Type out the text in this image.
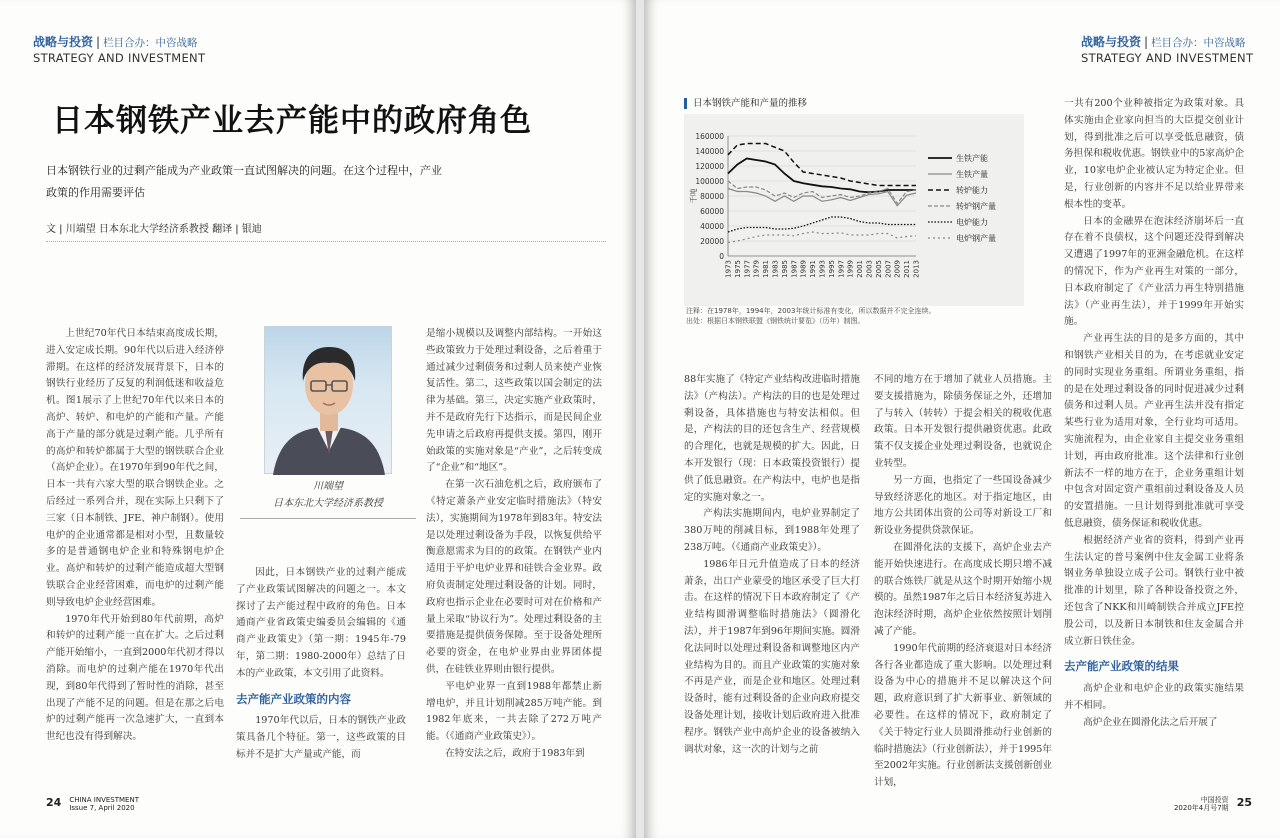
战略与投资 | 栏目合办：中咨战略
STRATEGY AND INVESTMENT
日本钢铁产业去产能中的政府角色
日本钢铁行业的过剩产能成为产业政策一直试图解决的问题。在这个过程中，产业政策的作用需要评估
文 | 川端望 日本东北大学经济系教授 翻译 | 银迪

上世纪70年代日本结束高度成长期，进入安定成长期。90年代以后进入经济停滞期。在这样的经济发展背景下，日本的钢铁行业经历了反复的利润低迷和收益危机。图1展示了上世纪70年代以来日本的高炉、转炉、和电炉的产能和产量。产能高于产量的部分就是过剩产能。几乎所有的高炉和转炉都属于大型的钢铁联合企业（高炉企业）。在1970年到90年代之间，日本一共有六家大型的联合钢铁企业。之后经过一系列合并，现在实际上只剩下了三家（日本制铁、JFE、神户制钢）。使用电炉的企业通常都是相对小型，且数量较多的是普通钢电炉企业和特殊钢电炉企业。高炉和转炉的过剩产能造成超大型钢铁联合企业经营困难，而电炉的过剩产能则导致电炉企业经营困难。

1970年代开始到80年代前期，高炉和转炉的过剩产能一直在扩大。之后过剩产能开始缩小，一直到2000年代初才得以消除。而电炉的过剩产能在1970年代出现，到80年代得到了暂时性的消除，甚至出现了产能不足的问题。但是在那之后电炉的过剩产能再一次急速扩大，一直到本世纪也没有得到解决。

川端望
日本东北大学经济系教授

因此，日本钢铁产业的过剩产能成了产业政策试图解决的问题之一。本文探讨了去产能过程中政府的角色。日本通商产业省政策史编委员会编辑的《通商产业政策史》（第一期：1945年-79年，第二期：1980-2000年）总结了日本的产业政策，本文引用了此资料。

去产能产业政策的内容

1970年代以后，日本的钢铁产业政策具备几个特征。第一，这些政策的目标并不是扩大产量或产能，而

是缩小规模以及调整内部结构。一开始这些政策致力于处理过剩设备，之后着重于通过减少过剩债务和过剩人员来使产业恢复活性。第二，这些政策以国会制定的法律为基础。第三，决定实施产业政策时，并不是政府先行下达指示，而是民间企业先申请之后政府再提供支援。第四，刚开始政策的实施对象是“产业”，之后转变成了“企业”和“地区”。

在第一次石油危机之后，政府颁布了《特定萧条产业安定临时措施法》（特安法），实施期间为1978年到83年。特安法是以处理过剩设备为手段，以恢复供给平衡意愿需求为目的的政策。在钢铁产业内适用于平炉电炉业界和硅铁合金业界。政府负责制定处理过剩设备的计划。同时，政府也指示企业在必要时可对在价格和产量上采取“协议行为”。处理过剩设备的主要措施是提供债务保障。至于设备处理所必要的资金，在电炉业界由业界团体提供，在硅铁业界则由银行提供。

平电炉业界一直到1988年都禁止新增电炉，并且计划削减285万吨产能。到1982年底来，一共去除了272万吨产能。（《通商产业政策史》）。

在特安法之后，政府于1983年到

24 CHINA INVESTMENT
Issue 7, April 2020
战略与投资 | 栏目合办：中咨战略
STRATEGY AND INVESTMENT

88年实施了《特定产业结构改进临时措施法》（产构法）。产构法的目的也是处理过剩设备，具体措施也与特安法相似。但是，产构法的目的还包含生产、经营规模的合理化，也就是规模的扩大。因此，日本开发银行（现：日本政策投资银行）提供了低息融资。在产构法中，电炉也是指定的实施对象之一。

产构法实施期间内，电炉业界制定了380万吨的削减目标，到1988年处理了238万吨。（《通商产业政策史》）。

1986年日元升值造成了日本的经济萧条，出口产业蒙受的地区承受了巨大打击。在这样的情况下日本政府制定了《产业结构圆滑调整临时措施法》（圆滑化法），并于1987年到96年期间实施。圆滑化法同时以处理过剩设备和调整地区内产业结构为目的。而且产业政策的实施对象不再是产业，而是企业和地区。处理过剩设备时，能有过剩设备的企业向政府提交设备处理计划，接收计划后政府进入批准程序。钢铁产业中高炉企业的设备被纳入调状对象，这一次的计划与之前

不同的地方在于增加了就业人员措施。主要支援措施为，除债务保证之外，还增加了与转入（转转）于提会相关的税收优惠政策。日本开发银行提供融资优惠。此政策不仅支援企业处理过剩设备，也就说企业转型。

另一方面，也指定了一些国设备减少导致经济恶化的地区。对于指定地区，由地方公共团体出资的公司等对新设工厂和新设业务提供贷款保证。

在圆滑化法的支援下，高炉企业去产能开始快速进行。在高度成长期只增不减的联合炼铁厂就是从这个时期开始缩小规模的。虽然1987年之后日本经济复苏进入泡沫经济时期，高炉企业依然按照计划削减了产能。

1990年代前期的经济衰退对日本经济各行各业都造成了重大影响。以处理过剩设备为中心的措施并不足以解决这个问题，政府意识到了扩大新事业、新领域的必要性。在这样的情况下，政府制定了《关于特定行业人员圆滑推动行业创新的临时措施法》（行业创新法），并于1995年至2002年实施。行业创新法支援创新创业计划，

一共有200个业种被指定为政策对象。具体实施由企业家向担当的大臣提交创业计划，得到批准之后可以享受低息融资，债务担保和税收优惠。钢铁业中的5家高炉企业，10家电炉企业被认定为特定企业。但是，行业创新的内容并不足以给业界带来根本性的变革。

日本的金融界在泡沫经济崩坏后一直存在着不良债权，这个问题还没得到解决又遭遇了1997年的亚洲金融危机。在这样的情况下，作为产业再生对策的一部分，日本政府制定了《产业活力再生特别措施法》（产业再生法），并于1999年开始实施。

产业再生法的目的是多方面的，其中和钢铁产业相关目的为，在考虑就业安定的同时实现业务重组。所谓业务重组，指的是在处理过剩设备的同时促进减少过剩债务和过剩人员。产业再生法并没有指定某些行业为适用对象，全行业均可适用。实施流程为，由企业家自主提交业务重组计划，再由政府批准。这个法律和行业创新法不一样的地方在于，企业务重组计划中包含对固定资产重组前过剩设备及人员的安置措施。一旦计划得到批准就可享受低息融资，债务保证和税收优惠。

根据经济产业省的资料，得到产业再生法认定的普号案例中住友金属工业将条钢业务单独设立成子公司。钢铁行业中被批准的计划里，除了各种设备投资之外，还包含了NKK和川崎制铁合并成立JFE控股公司，以及新日本制铁和住友金属合并成立新日铁住金。

去产能产业政策的结果

高炉企业和电炉企业的政策实施结果并不相同。

高炉企业在圆滑化法之后开展了

中国投资
2020年4月号7期 25
日本钢铁产能和产量的推移
0
20000
40000
60000
80000
100000
120000
140000
160000
千吨
1973 1975 1977 1979 1981 1983 1985 1987 1989 1991 1993 1995 1997 1999 2001 2003 2005 2007 2009 2011 2013
生铁产能
生铁产量
转炉能力
转炉钢产量
电炉能力
电炉钢产量
注释：在1978年，1994年，2003年统计标准有变化，所以数据并不完全连续。
出处：根据日本钢铁联盟《钢铁统计要览》（历年）制图。
